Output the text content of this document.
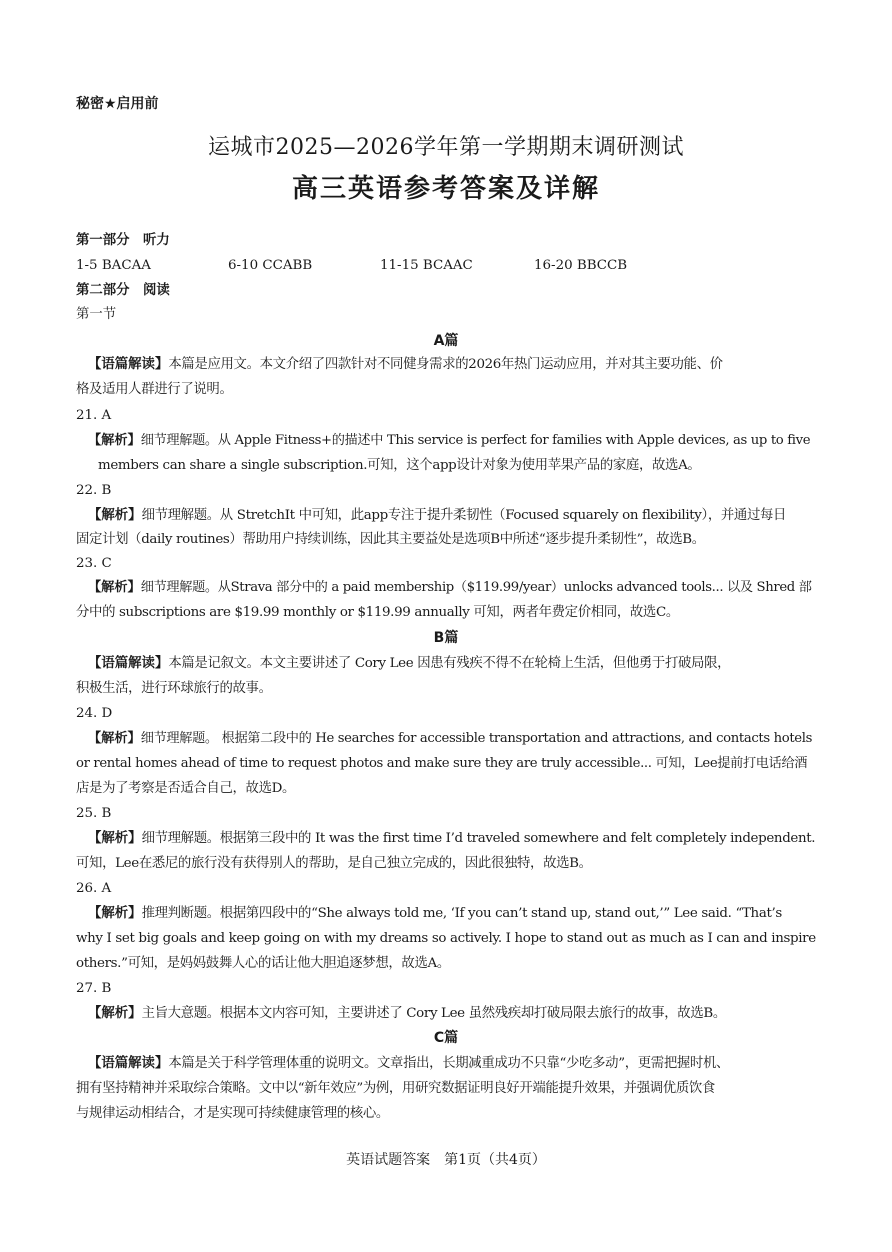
秘密★启用前
运城市2025—2026学年第一学期期末调研测试
高三英语参考答案及详解
第一部分　听力
1-5 BACAA	6-10 CCABB	11-15 BCAAC	16-20 BBCCB
第二部分　阅读
第一节
A篇
【语篇解读】本篇是应用文。本文介绍了四款针对不同健身需求的2026年热门运动应用，并对其主要功能、价
格及适用人群进行了说明。
21. A
【解析】细节理解题。从 Apple Fitness+的描述中 This service is perfect for families with Apple devices, as up to five
members can share a single subscription.可知，这个app设计对象为使用苹果产品的家庭，故选A。
22. B
【解析】细节理解题。从 StretchIt 中可知，此app专注于提升柔韧性（Focused squarely on flexibility），并通过每日
固定计划（daily routines）帮助用户持续训练，因此其主要益处是选项B中所述“逐步提升柔韧性”，故选B。
23. C
【解析】细节理解题。从Strava 部分中的 a paid membership（$119.99/year）unlocks advanced tools... 以及 Shred 部
分中的 subscriptions are $19.99 monthly or $119.99 annually 可知，两者年费定价相同，故选C。
B篇
【语篇解读】本篇是记叙文。本文主要讲述了 Cory Lee 因患有残疾不得不在轮椅上生活，但他勇于打破局限，
积极生活，进行环球旅行的故事。
24. D
【解析】细节理解题。 根据第二段中的 He searches for accessible transportation and attractions, and contacts hotels
or rental homes ahead of time to request photos and make sure they are truly accessible... 可知，Lee提前打电话给酒
店是为了考察是否适合自己，故选D。
25. B
【解析】细节理解题。根据第三段中的 It was the first time I’d traveled somewhere and felt completely independent.
可知，Lee在悉尼的旅行没有获得别人的帮助，是自己独立完成的，因此很独特，故选B。
26. A
【解析】推理判断题。根据第四段中的“She always told me, ‘If you can’t stand up, stand out,’” Lee said. “That’s
why I set big goals and keep going on with my dreams so actively. I hope to stand out as much as I can and inspire
others.”可知，是妈妈鼓舞人心的话让他大胆追逐梦想，故选A。
27. B
【解析】主旨大意题。根据本文内容可知，主要讲述了 Cory Lee 虽然残疾却打破局限去旅行的故事，故选B。
C篇
【语篇解读】本篇是关于科学管理体重的说明文。文章指出，长期减重成功不只靠“少吃多动”，更需把握时机、
拥有坚持精神并采取综合策略。文中以“新年效应”为例，用研究数据证明良好开端能提升效果，并强调优质饮食
与规律运动相结合，才是实现可持续健康管理的核心。
英语试题答案　第1页（共4页）
